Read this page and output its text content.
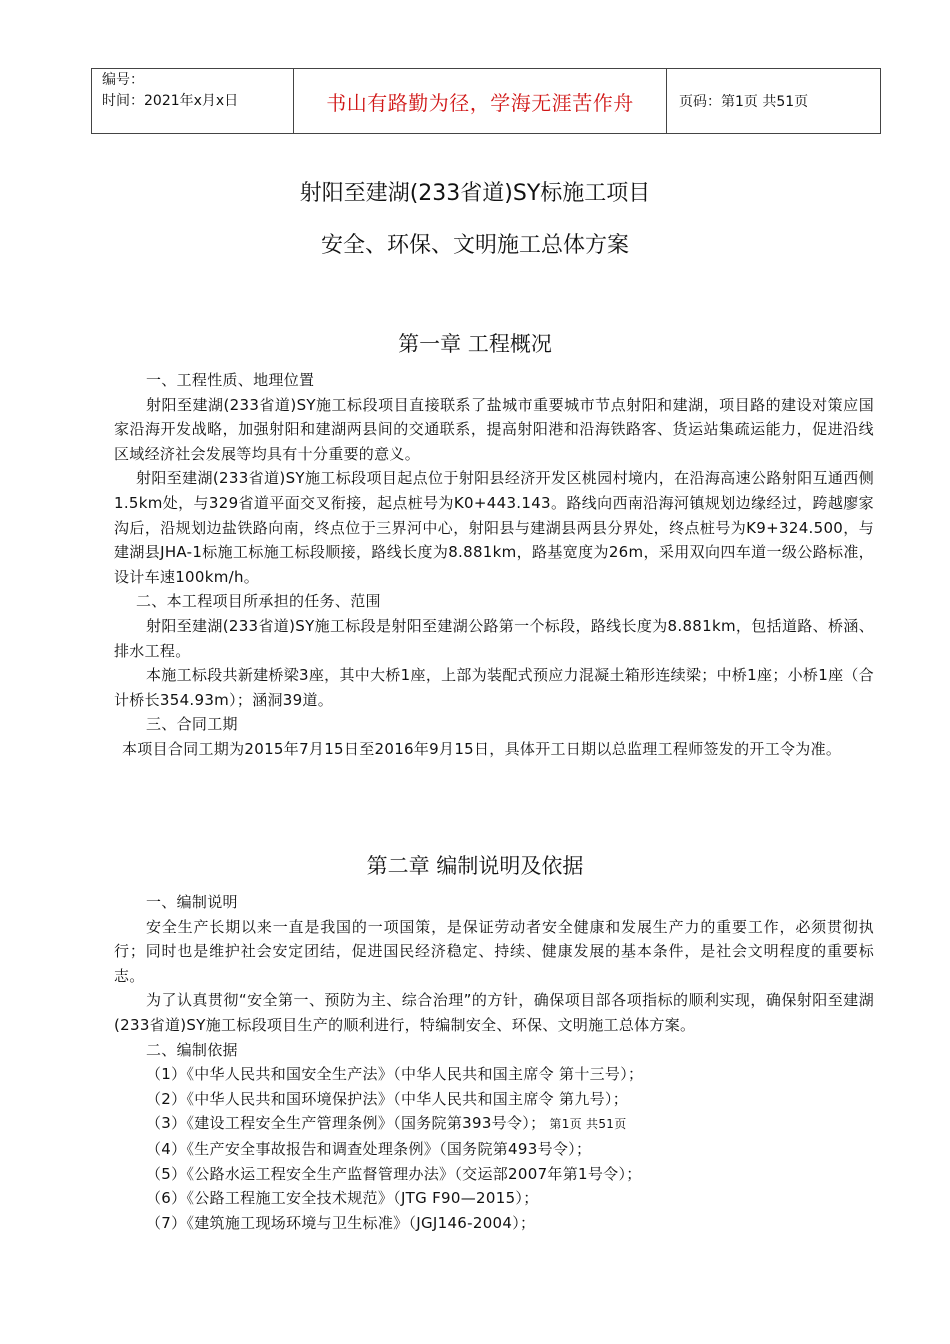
编号：
时间：2021年x月x日	书山有路勤为径，学海无涯苦作舟	页码：第1页 共51页
射阳至建湖(233省道)SY标施工项目
安全、环保、文明施工总体方案
第一章 工程概况

一、工程性质、地理位置

射阳至建湖(233省道)SY施工标段项目直接联系了盐城市重要城市节点射阳和建湖，项目路的建设对策应国家沿海开发战略，加强射阳和建湖两县间的交通联系，提高射阳港和沿海铁路客、货运站集疏运能力，促进沿线区域经济社会发展等均具有十分重要的意义。

射阳至建湖(233省道)SY施工标段项目起点位于射阳县经济开发区桃园村境内，在沿海高速公路射阳互通西侧1.5km处，与329省道平面交叉衔接，起点桩号为K0+443.143。路线向西南沿海河镇规划边缘经过，跨越廖家沟后，沿规划边盐铁路向南，终点位于三界河中心，射阳县与建湖县两县分界处，终点桩号为K9+324.500，与建湖县JHA-1标施工标施工标段顺接，路线长度为8.881km，路基宽度为26m，采用双向四车道一级公路标准，设计车速100km/h。

二、本工程项目所承担的任务、范围

射阳至建湖(233省道)SY施工标段是射阳至建湖公路第一个标段，路线长度为8.881km，包括道路、桥涵、排水工程。

本施工标段共新建桥梁3座，其中大桥1座，上部为装配式预应力混凝土箱形连续梁；中桥1座；小桥1座（合计桥长354.93m）；涵洞39道。

三、合同工期

本项目合同工期为2015年7月15日至2016年9月15日，具体开工日期以总监理工程师签发的开工令为准。

第二章 编制说明及依据

一、编制说明

安全生产长期以来一直是我国的一项国策，是保证劳动者安全健康和发展生产力的重要工作，必须贯彻执行；同时也是维护社会安定团结，促进国民经济稳定、持续、健康发展的基本条件，是社会文明程度的重要标志。

为了认真贯彻“安全第一、预防为主、综合治理”的方针，确保项目部各项指标的顺利实现，确保射阳至建湖(233省道)SY施工标段项目生产的顺利进行，特编制安全、环保、文明施工总体方案。

二、编制依据

（1）《中华人民共和国安全生产法》（中华人民共和国主席令 第十三号）；

（2）《中华人民共和国环境保护法》（中华人民共和国主席令 第九号）；

（3）《建设工程安全生产管理条例》（国务院第393号令）； 第1页 共51页

（4）《生产安全事故报告和调查处理条例》（国务院第493号令）；

（5）《公路水运工程安全生产监督管理办法》（交运部2007年第1号令）；

（6）《公路工程施工安全技术规范》（JTG F90—2015）；

（7）《建筑施工现场环境与卫生标准》（JGJ146-2004）；
